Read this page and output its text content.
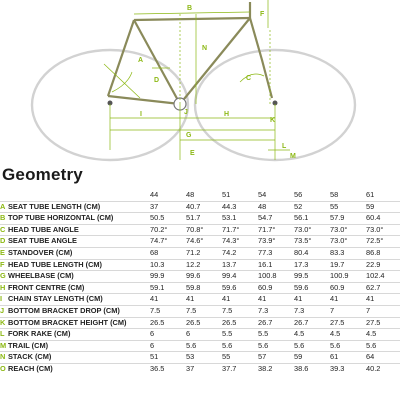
A
B
C
D
E
F
G
H
I	J
K
L
M
N
Geometry
	44	48	51	54	56	58	61
A SEAT TUBE LENGTH (CM)	37	40.7	44.3	48	52	55	59
B TOP TUBE HORIZONTAL (CM)	50.5	51.7	53.1	54.7	56.1	57.9	60.4
C HEAD TUBE ANGLE	70.2°	70.8°	71.7°	71.7°	73.0°	73.0°	73.0°
D SEAT TUBE ANGLE	74.7°	74.6°	74.3°	73.9°	73.5°	73.0°	72.5°
E STANDOVER (CM)	68	71.2	74.2	77.3	80.4	83.3	86.8
F HEAD TUBE LENGTH (CM)	10.3	12.2	13.7	16.1	17.3	19.7	22.9
G WHEELBASE (CM)	99.9	99.6	99.4	100.8	99.5	100.9	102.4
H FRONT CENTRE (CM)	59.1	59.8	59.6	60.9	59.6	60.9	62.7
I CHAIN STAY LENGTH (CM)	41	41	41	41	41	41	41
J BOTTOM BRACKET DROP (CM)	7.5	7.5	7.5	7.3	7.3	7	7
K BOTTOM BRACKET HEIGHT (CM)	26.5	26.5	26.5	26.7	26.7	27.5	27.5
L FORK RAKE (CM)	6	6	5.5	5.5	4.5	4.5	4.5
M TRAIL (CM)	6	5.6	5.6	5.6	5.6	5.6	5.6
N STACK (CM)	51	53	55	57	59	61	64
O REACH (CM)	36.5	37	37.7	38.2	38.6	39.3	40.2
